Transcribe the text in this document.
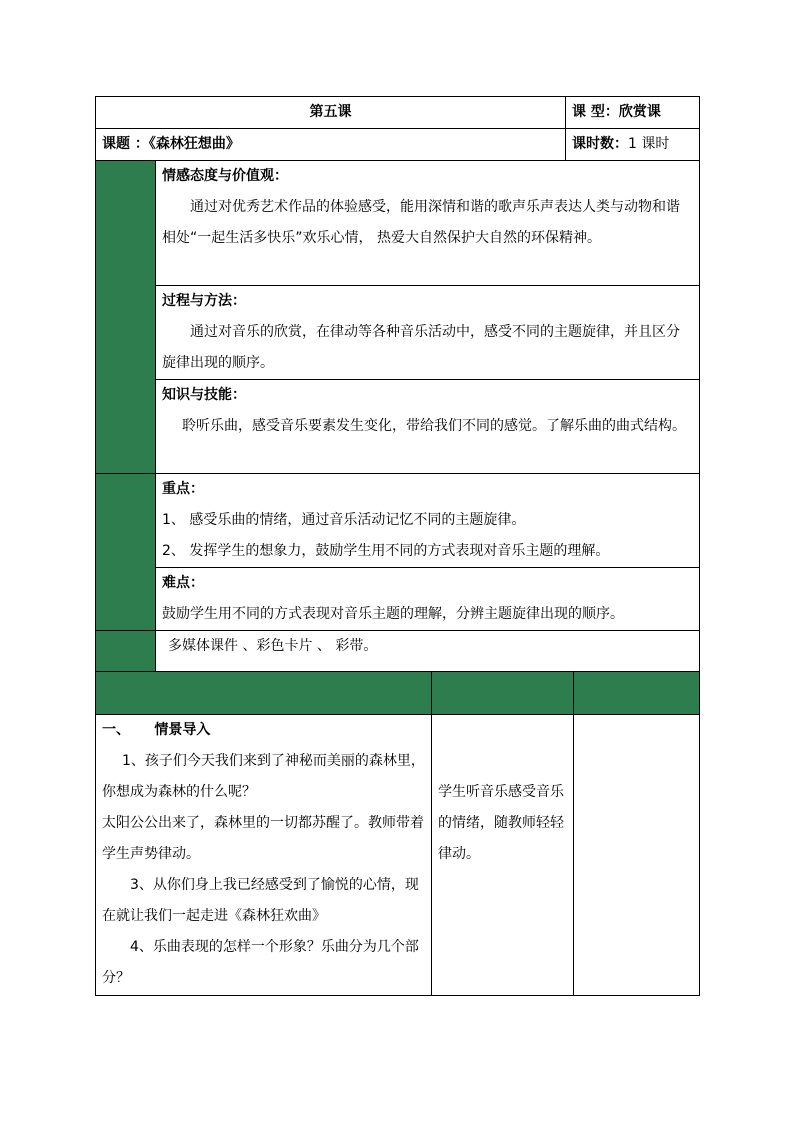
第五课		课 型：欣赏课
课题 ：《森林狂想曲》		课时数：1 课时

	情感态度与价值观：

通过对优秀艺术作品的体验感受，能用深情和谐的歌声乐声表达人类与动物和谐相处“一起生活多快乐”欢乐心情， 热爱大自然保护大自然的环保精神。	

	过程与方法：

通过对音乐的欣赏，在律动等各种音乐活动中，感受不同的主题旋律，并且区分旋律出现的顺序。	

	知识与技能：

聆听乐曲，感受音乐要素发生变化，带给我们不同的感觉。了解乐曲的曲式结构。	

	重点：

1、 感受乐曲的情绪，通过音乐活动记忆不同的主题旋律。

2、 发挥学生的想象力，鼓励学生用不同的方式表现对音乐主题的理解。	

	难点：

鼓励学生用不同的方式表现对音乐主题的理解，分辨主题旋律出现的顺序。	

	多媒体课件 、彩色卡片 、 彩带。	

一、     情景导入

1、孩子们今天我们来到了神秘而美丽的森林里，你想成为森林的什么呢？

太阳公公出来了，森林里的一切都苏醒了。教师带着学生声势律动。

3、从你们身上我已经感受到了愉悦的心情，现在就让我们一起走进《森林狂欢曲》

4、乐曲表现的怎样一个形象？乐曲分为几个部分？	学生听音乐感受音乐的情绪，随教师轻轻律动。	
